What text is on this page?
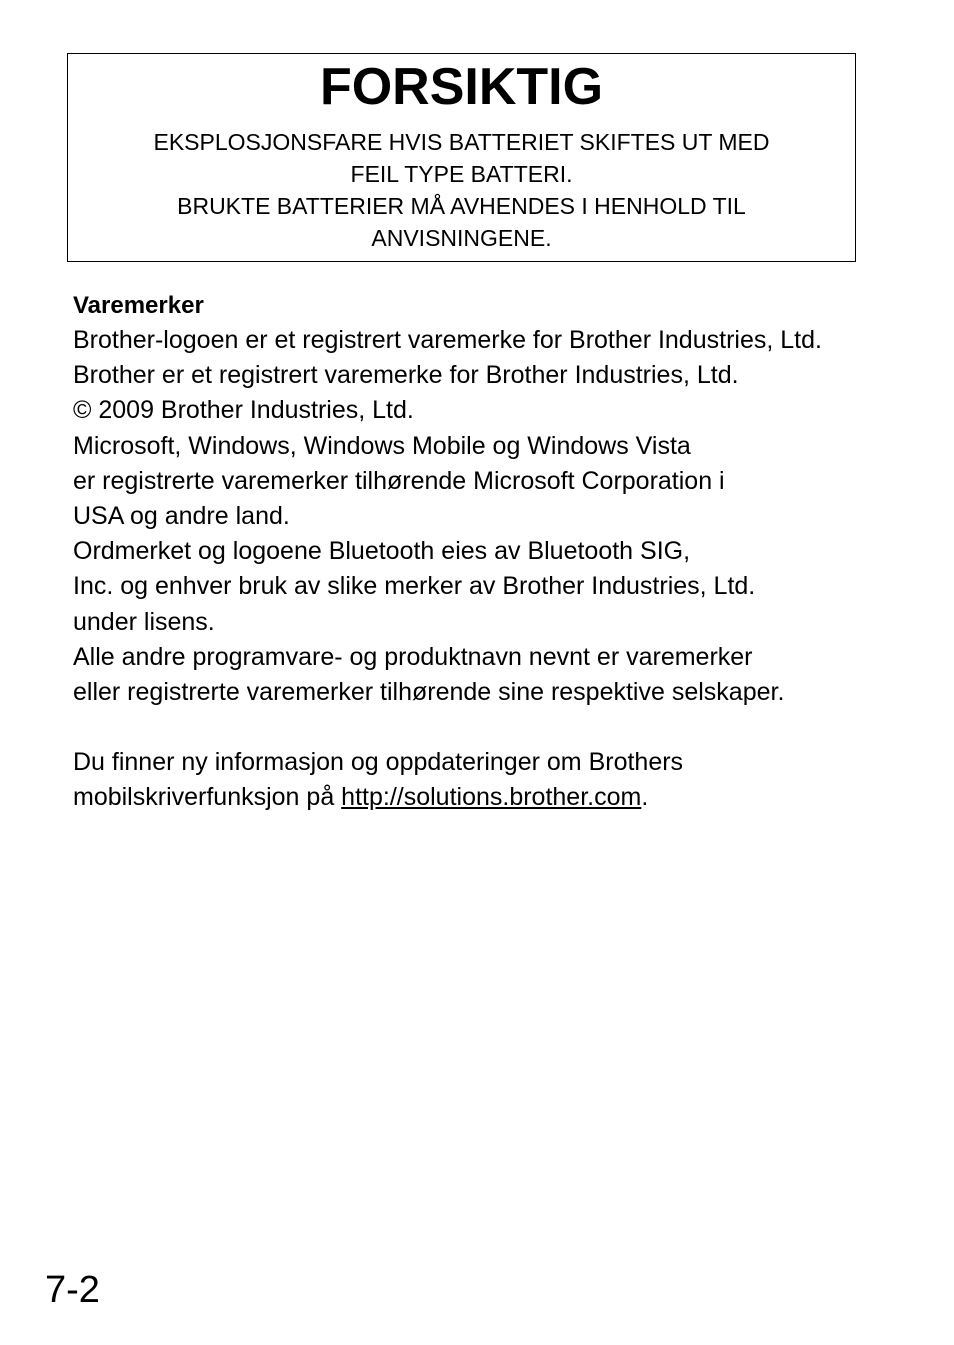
FORSIKTIG

EKSPLOSJONSFARE HVIS BATTERIET SKIFTES UT MED
FEIL TYPE BATTERI.
BRUKTE BATTERIER MÅ AVHENDES I HENHOLD TIL
ANVISNINGENE.

Varemerker
Brother-logoen er et registrert varemerke for Brother Industries, Ltd.
Brother er et registrert varemerke for Brother Industries, Ltd.
© 2009 Brother Industries, Ltd.
Microsoft, Windows, Windows Mobile og Windows Vista
er registrerte varemerker tilhørende Microsoft Corporation i
USA og andre land.
Ordmerket og logoene Bluetooth eies av Bluetooth SIG,
Inc. og enhver bruk av slike merker av Brother Industries, Ltd.
under lisens.
Alle andre programvare- og produktnavn nevnt er varemerker
eller registrerte varemerker tilhørende sine respektive selskaper.
Du finner ny informasjon og oppdateringer om Brothers
mobilskriverfunksjon på http://solutions.brother.com.
7-2
